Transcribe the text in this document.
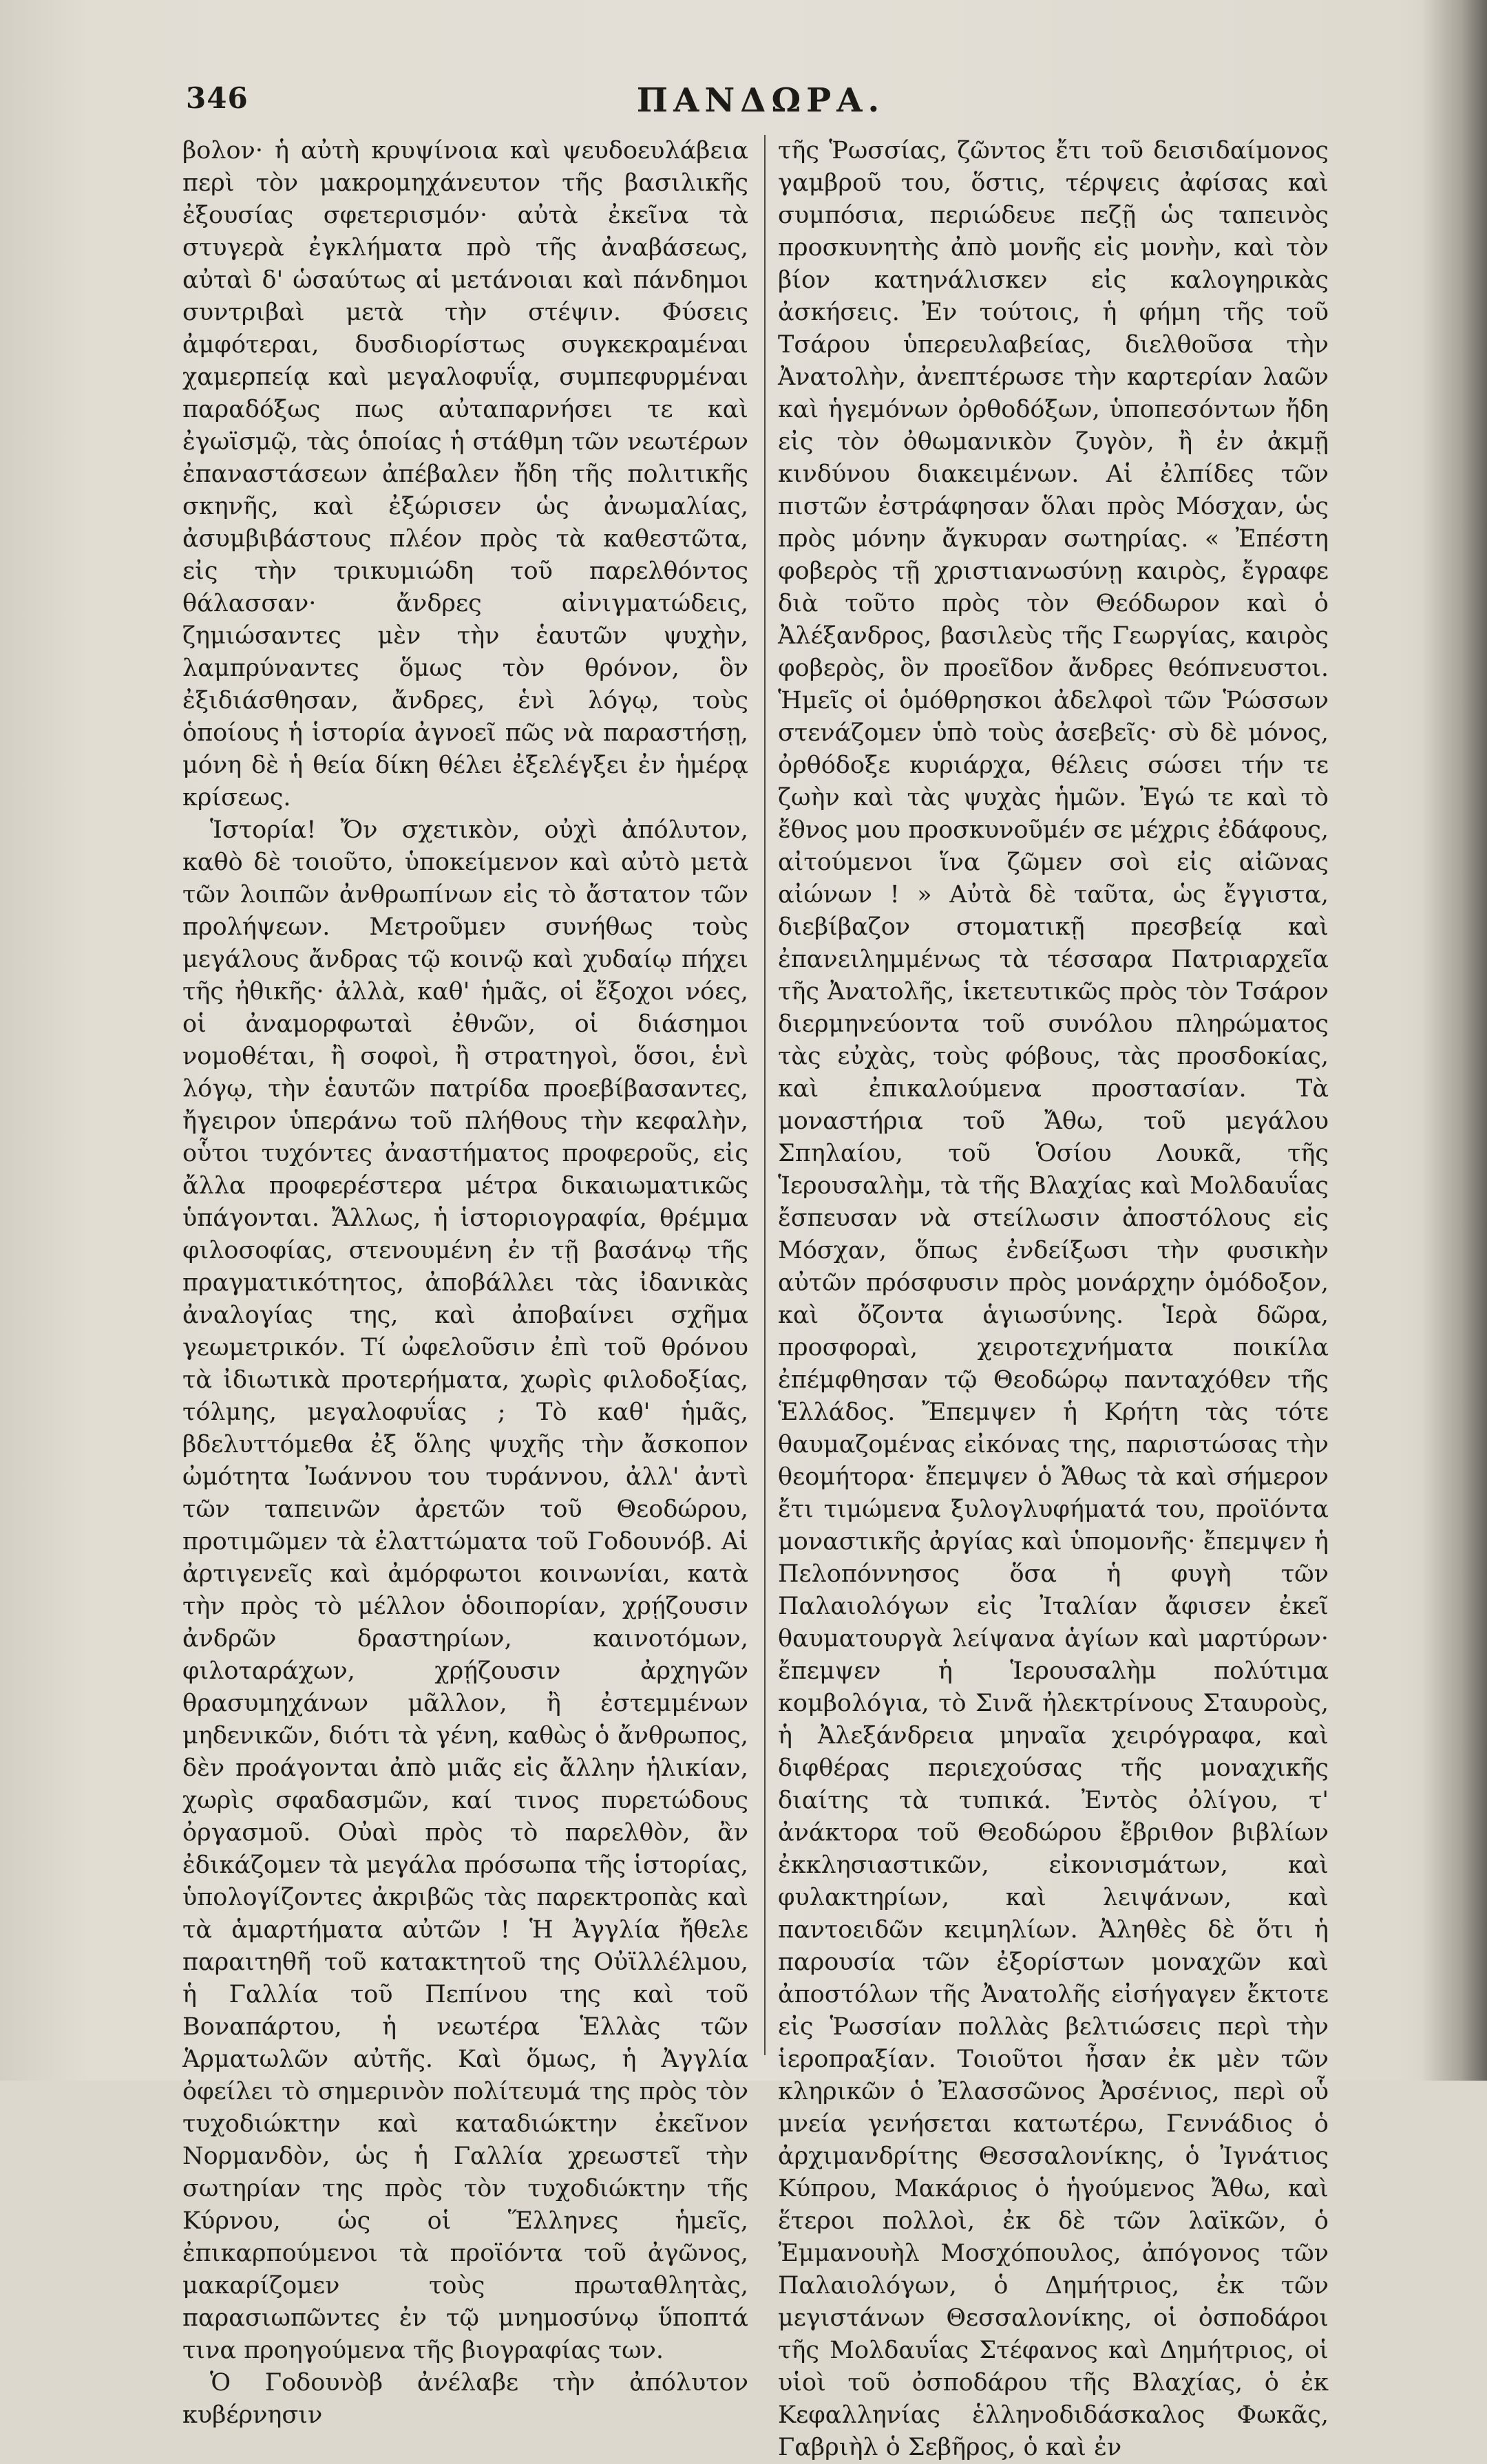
346	ΠΑΝΔΩΡΑ.

βολον· ἡ αὐτὴ κρυψίνοια καὶ ψευδοευλάβεια περὶ τὸν μακρομηχάνευτον τῆς βασιλικῆς ἐξουσίας σφετερισμόν· αὐτὰ ἐκεῖνα τὰ στυγερὰ ἐγκλήματα πρὸ τῆς ἀναβάσεως, αὐταὶ δ' ὡσαύτως αἱ μετάνοιαι καὶ πάνδημοι συντριβαὶ μετὰ τὴν στέψιν. Φύσεις ἀμφότεραι, δυσδιορίστως συγκεκραμέναι χαμερπείᾳ καὶ μεγαλοφυΐᾳ, συμπεφυρμέναι παραδόξως πως αὐταπαρνήσει τε καὶ ἐγωϊσμῷ, τὰς ὁποίας ἡ στάθμη τῶν νεωτέρων ἐπαναστάσεων ἀπέβαλεν ἤδη τῆς πολιτικῆς σκηνῆς, καὶ ἐξώρισεν ὡς ἀνωμαλίας, ἀσυμβιβάστους πλέον πρὸς τὰ καθεστῶτα, εἰς τὴν τρικυμιώδη τοῦ παρελθόντος θάλασσαν· ἄνδρες αἰνιγματώδεις, ζημιώσαντες μὲν τὴν ἑαυτῶν ψυχὴν, λαμπρύναντες ὅμως τὸν θρόνον, ὃν ἐξιδιάσθησαν, ἄνδρες, ἑνὶ λόγῳ, τοὺς ὁποίους ἡ ἱστορία ἀγνοεῖ πῶς νὰ παραστήσῃ, μόνη δὲ ἡ θεία δίκη θέλει ἐξελέγξει ἐν ἡμέρᾳ κρίσεως.

Ἱστορία! Ὄν σχετικὸν, οὐχὶ ἀπόλυτον, καθὸ δὲ τοιοῦτο, ὑποκείμενον καὶ αὐτὸ μετὰ τῶν λοιπῶν ἀνθρωπίνων εἰς τὸ ἄστατον τῶν προλήψεων. Μετροῦμεν συνήθως τοὺς μεγάλους ἄνδρας τῷ κοινῷ καὶ χυδαίῳ πήχει τῆς ἠθικῆς· ἀλλὰ, καθ' ἡμᾶς, οἱ ἔξοχοι νόες, οἱ ἀναμορφωταὶ ἐθνῶν, οἱ διάσημοι νομοθέται, ἢ σοφοὶ, ἢ στρατηγοὶ, ὅσοι, ἑνὶ λόγῳ, τὴν ἑαυτῶν πατρίδα προεβίβασαντες, ἤγειρον ὑπεράνω τοῦ πλήθους τὴν κεφαλὴν, οὗτοι τυχόντες ἀναστήματος προφεροῦς, εἰς ἄλλα προφερέστερα μέτρα δικαιωματικῶς ὑπάγονται. Ἄλλως, ἡ ἱστοριογραφία, θρέμμα φιλοσοφίας, στενουμένη ἐν τῇ βασάνῳ τῆς πραγματικότητος, ἀποβάλλει τὰς ἰδανικὰς ἀναλογίας της, καὶ ἀποβαίνει σχῆμα γεωμετρικόν. Τί ὠφελοῦσιν ἐπὶ τοῦ θρόνου τὰ ἰδιωτικὰ προτερήματα, χωρὶς φιλοδοξίας, τόλμης, μεγαλοφυΐας ; Τὸ καθ' ἡμᾶς, βδελυττόμεθα ἐξ ὅλης ψυχῆς τὴν ἄσκοπον ὠμότητα Ἰωάννου του τυράννου, ἀλλ' ἀντὶ τῶν ταπεινῶν ἀρετῶν τοῦ Θεοδώρου, προτιμῶμεν τὰ ἐλαττώματα τοῦ Γοδουνόβ. Αἱ ἀρτιγενεῖς καὶ ἀμόρφωτοι κοινωνίαι, κατὰ τὴν πρὸς τὸ μέλλον ὁδοιπορίαν, χρῄζουσιν ἀνδρῶν δραστηρίων, καινοτόμων, φιλοταράχων, χρῄζουσιν ἀρχηγῶν θρασυμηχάνων μᾶλλον, ἢ ἐστεμμένων μηδενικῶν, διότι τὰ γένη, καθὼς ὁ ἄνθρωπος, δὲν προάγονται ἀπὸ μιᾶς εἰς ἄλλην ἡλικίαν, χωρὶς σφαδασμῶν, καί τινος πυρετώδους ὀργασμοῦ. Οὐαὶ πρὸς τὸ παρελθὸν, ἂν ἐδικάζομεν τὰ μεγάλα πρόσωπα τῆς ἱστορίας, ὑπολογίζοντες ἀκριβῶς τὰς παρεκτροπὰς καὶ τὰ ἁμαρτήματα αὐτῶν ! Ἡ Ἀγγλία ἤθελε παραιτηθῆ τοῦ κατακτητοῦ της Οὐϊλλέλμου, ἡ Γαλλία τοῦ Πεπίνου της καὶ τοῦ Βοναπάρτου, ἡ νεωτέρα Ἑλλὰς τῶν Ἁρματωλῶν αὐτῆς. Καὶ ὅμως, ἡ Ἀγγλία ὀφείλει τὸ σημερινὸν πολίτευμά της πρὸς τὸν τυχοδιώκτην καὶ καταδιώκτην ἐκεῖνον Νορμανδὸν, ὡς ἡ Γαλλία χρεωστεῖ τὴν σωτηρίαν της πρὸς τὸν τυχοδιώκτην τῆς Κύρνου, ὡς οἱ Ἕλληνες ἡμεῖς, ἐπικαρπούμενοι τὰ προϊόντα τοῦ ἀγῶνος, μακαρίζομεν τοὺς πρωταθλητὰς, παρασιωπῶντες ἐν τῷ μνημοσύνῳ ὕποπτά τινα προηγούμενα τῆς βιογραφίας των.

Ὁ Γοδουνὸβ ἀνέλαβε τὴν ἀπόλυτον κυβέρνησιν

τῆς Ῥωσσίας, ζῶντος ἔτι τοῦ δεισιδαίμονος γαμβροῦ του, ὅστις, τέρψεις ἀφίσας καὶ συμπόσια, περιώδευε πεζῇ ὡς ταπεινὸς προσκυνητὴς ἀπὸ μονῆς εἰς μονὴν, καὶ τὸν βίον κατηνάλισκεν εἰς καλογηρικὰς ἀσκήσεις. Ἐν τούτοις, ἡ φήμη τῆς τοῦ Τσάρου ὑπερευλαβείας, διελθοῦσα τὴν Ἀνατολὴν, ἀνεπτέρωσε τὴν καρτερίαν λαῶν καὶ ἡγεμόνων ὀρθοδόξων, ὑποπεσόντων ἤδη εἰς τὸν ὀθωμανικὸν ζυγὸν, ἢ ἐν ἀκμῇ κινδύνου διακειμένων. Αἱ ἐλπίδες τῶν πιστῶν ἐστράφησαν ὅλαι πρὸς Μόσχαν, ὡς πρὸς μόνην ἄγκυραν σωτηρίας. « Ἐπέστη φοβερὸς τῇ χριστιανωσύνῃ καιρὸς, ἔγραφε διὰ τοῦτο πρὸς τὸν Θεόδωρον καὶ ὁ Ἀλέξανδρος, βασιλεὺς τῆς Γεωργίας, καιρὸς φοβερὸς, ὃν προεῖδον ἄνδρες θεόπνευστοι. Ἡμεῖς οἱ ὁμόθρησκοι ἀδελφοὶ τῶν Ῥώσσων στενάζομεν ὑπὸ τοὺς ἀσεβεῖς· σὺ δὲ μόνος, ὀρθόδοξε κυριάρχα, θέλεις σώσει τήν τε ζωὴν καὶ τὰς ψυχὰς ἡμῶν. Ἐγώ τε καὶ τὸ ἔθνος μου προσκυνοῦμέν σε μέχρις ἐδάφους, αἰτούμενοι ἵνα ζῶμεν σοὶ εἰς αἰῶνας αἰώνων ! » Αὐτὰ δὲ ταῦτα, ὡς ἔγγιστα, διεβίβαζον στοματικῇ πρεσβείᾳ καὶ ἐπανειλημμένως τὰ τέσσαρα Πατριαρχεῖα τῆς Ἀνατολῆς, ἱκετευτικῶς πρὸς τὸν Τσάρον διερμηνεύοντα τοῦ συνόλου πληρώματος τὰς εὐχὰς, τοὺς φόβους, τὰς προσδοκίας, καὶ ἐπικαλούμενα προστασίαν. Τὰ μοναστήρια τοῦ Ἄθω, τοῦ μεγάλου Σπηλαίου, τοῦ Ὁσίου Λουκᾶ, τῆς Ἱερουσαλὴμ, τὰ τῆς Βλαχίας καὶ Μολδαυΐας ἔσπευσαν νὰ στείλωσιν ἀποστόλους εἰς Μόσχαν, ὅπως ἐνδείξωσι τὴν φυσικὴν αὐτῶν πρόσφυσιν πρὸς μονάρχην ὁμόδοξον, καὶ ὄζοντα ἁγιωσύνης. Ἱερὰ δῶρα, προσφοραὶ, χειροτεχνήματα ποικίλα ἐπέμφθησαν τῷ Θεοδώρῳ πανταχόθεν τῆς Ἑλλάδος. Ἔπεμψεν ἡ Κρήτη τὰς τότε θαυμαζομένας εἰκόνας της, παριστώσας τὴν θεομήτορα· ἔπεμψεν ὁ Ἄθως τὰ καὶ σήμερον ἔτι τιμώμενα ξυλογλυφήματά του, προϊόντα μοναστικῆς ἀργίας καὶ ὑπομονῆς· ἔπεμψεν ἡ Πελοπόννησος ὅσα ἡ φυγὴ τῶν Παλαιολόγων εἰς Ἰταλίαν ἄφισεν ἐκεῖ θαυματουργὰ λείψανα ἁγίων καὶ μαρτύρων· ἔπεμψεν ἡ Ἱερουσαλὴμ πολύτιμα κομβολόγια, τὸ Σινᾶ ἠλεκτρίνους Σταυροὺς, ἡ Ἀλεξάνδρεια μηναῖα χειρόγραφα, καὶ διφθέρας περιεχούσας τῆς μοναχικῆς διαίτης τὰ τυπικά. Ἐντὸς ὀλίγου, τ' ἀνάκτορα τοῦ Θεοδώρου ἔβριθον βιβλίων ἐκκλησιαστικῶν, εἰκονισμάτων, καὶ φυλακτηρίων, καὶ λειψάνων, καὶ παντοειδῶν κειμηλίων. Ἀληθὲς δὲ ὅτι ἡ παρουσία τῶν ἐξορίστων μοναχῶν καὶ ἀποστόλων τῆς Ἀνατολῆς εἰσήγαγεν ἔκτοτε εἰς Ῥωσσίαν πολλὰς βελτιώσεις περὶ τὴν ἱεροπραξίαν. Τοιοῦτοι ἦσαν ἐκ μὲν τῶν κληρικῶν ὁ Ἐλασσῶνος Ἀρσένιος, περὶ οὗ μνεία γενήσεται κατωτέρω, Γεννάδιος ὁ ἀρχιμανδρίτης Θεσσαλονίκης, ὁ Ἰγνάτιος Κύπρου, Μακάριος ὁ ἡγούμενος Ἄθω, καὶ ἕτεροι πολλοὶ, ἐκ δὲ τῶν λαϊκῶν, ὁ Ἐμμανουὴλ Μοσχόπουλος, ἀπόγονος τῶν Παλαιολόγων, ὁ Δημήτριος, ἐκ τῶν μεγιστάνων Θεσσαλονίκης, οἱ ὀσποδάροι τῆς Μολδαυΐας Στέφανος καὶ Δημήτριος, οἱ υἱοὶ τοῦ ὀσποδάρου τῆς Βλαχίας, ὁ ἐκ Κεφαλληνίας ἑλληνοδιδάσκαλος Φωκᾶς, Γαβριὴλ ὁ Σεβῆρος, ὁ καὶ ἐν
